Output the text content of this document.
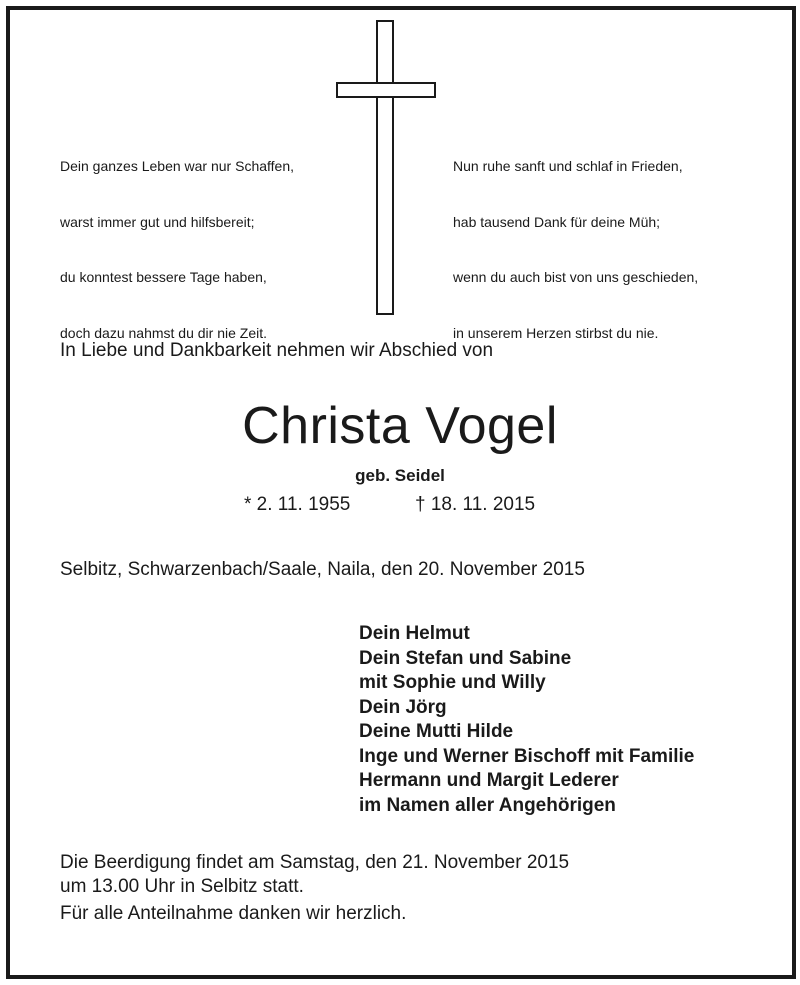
Dein ganzes Leben war nur Schaffen,

warst immer gut und hilfsbereit;

du konntest bessere Tage haben,

doch dazu nahmst du dir nie Zeit.

Nun ruhe sanft und schlaf in Frieden,

hab tausend Dank für deine Müh;

wenn du auch bist von uns geschieden,

in unserem Herzen stirbst du nie.

In Liebe und Dankbarkeit nehmen wir Abschied von
Christa Vogel
geb. Seidel
* 2. 11. 1955	† 18. 11. 2015
Selbitz, Schwarzenbach/Saale, Naila, den 20. November 2015
Dein Helmut
Dein Stefan und Sabine
mit Sophie und Willy
Dein Jörg
Deine Mutti Hilde
Inge und Werner Bischoff mit Familie
Hermann und Margit Lederer
im Namen aller Angehörigen
Die Beerdigung findet am Samstag, den 21. November 2015
um 13.00 Uhr in Selbitz statt.
Für alle Anteilnahme danken wir herzlich.
